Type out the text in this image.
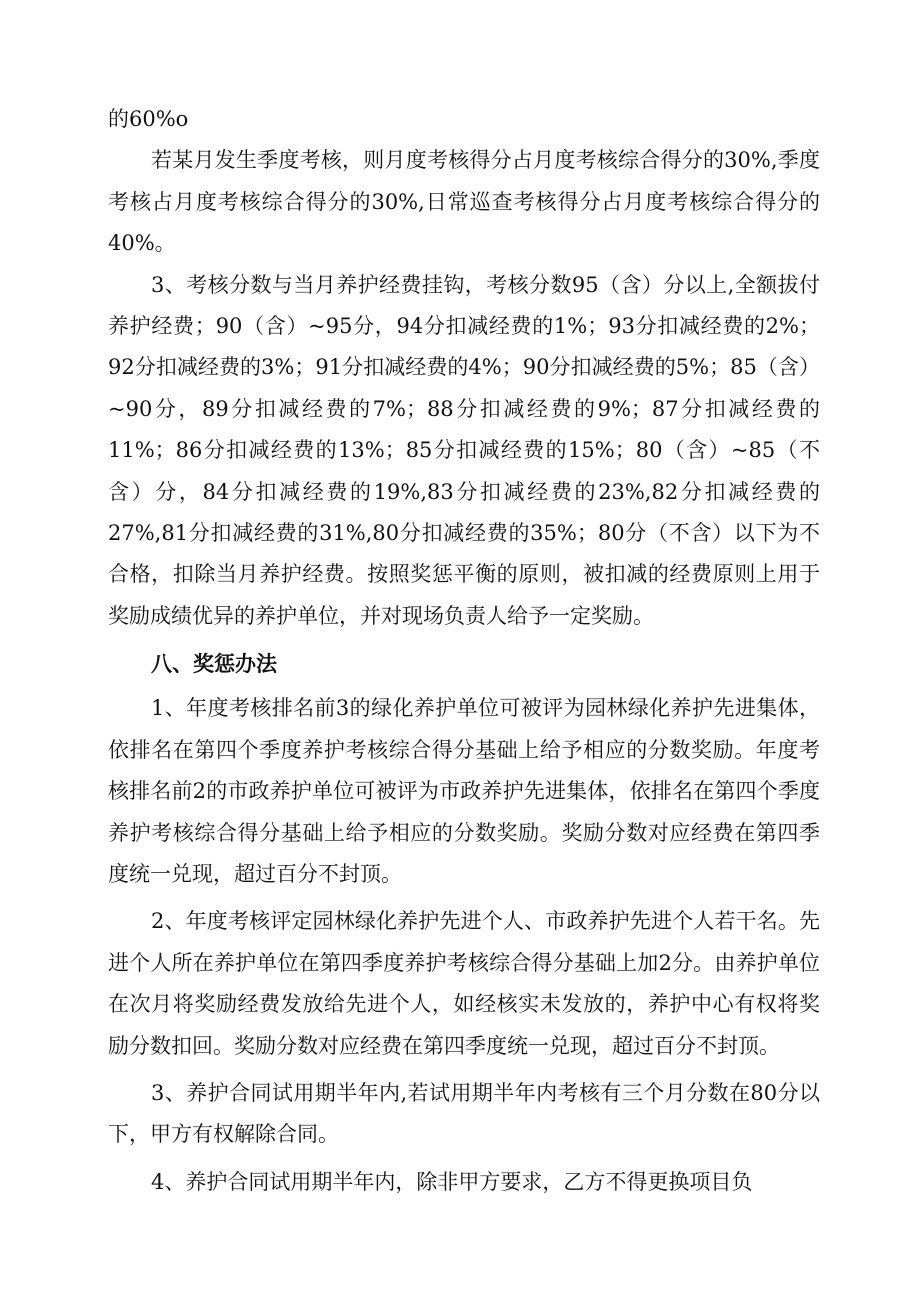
的60%o

若某月发生季度考核，则月度考核得分占月度考核综合得分的30%,季度考核占月度考核综合得分的30%,日常巡查考核得分占月度考核综合得分的40%。

3、考核分数与当月养护经费挂钩，考核分数95（含）分以上,全额拔付养护经费；90（含）~95分，94分扣减经费的1%；93分扣减经费的2%；92分扣减经费的3%；91分扣减经费的4%；90分扣减经费的5%；85（含）~90分，89分扣减经费的7%；88分扣减经费的9%；87分扣减经费的11%；86分扣减经费的13%；85分扣减经费的15%；80（含）~85（不含）分，84分扣减经费的19%,83分扣减经费的23%,82分扣减经费的27%,81分扣减经费的31%,80分扣减经费的35%；80分（不含）以下为不合格，扣除当月养护经费。按照奖惩平衡的原则，被扣减的经费原则上用于奖励成绩优异的养护单位，并对现场负责人给予一定奖励。

八、奖惩办法

1、年度考核排名前3的绿化养护单位可被评为园林绿化养护先进集体，依排名在第四个季度养护考核综合得分基础上给予相应的分数奖励。年度考核排名前2的市政养护单位可被评为市政养护先进集体，依排名在第四个季度养护考核综合得分基础上给予相应的分数奖励。奖励分数对应经费在第四季度统一兑现，超过百分不封顶。

2、年度考核评定园林绿化养护先进个人、市政养护先进个人若干名。先进个人所在养护单位在第四季度养护考核综合得分基础上加2分。由养护单位在次月将奖励经费发放给先进个人，如经核实未发放的，养护中心有权将奖励分数扣回。奖励分数对应经费在第四季度统一兑现，超过百分不封顶。

3、养护合同试用期半年内,若试用期半年内考核有三个月分数在80分以下，甲方有权解除合同。

4、养护合同试用期半年内，除非甲方要求，乙方不得更换项目负
